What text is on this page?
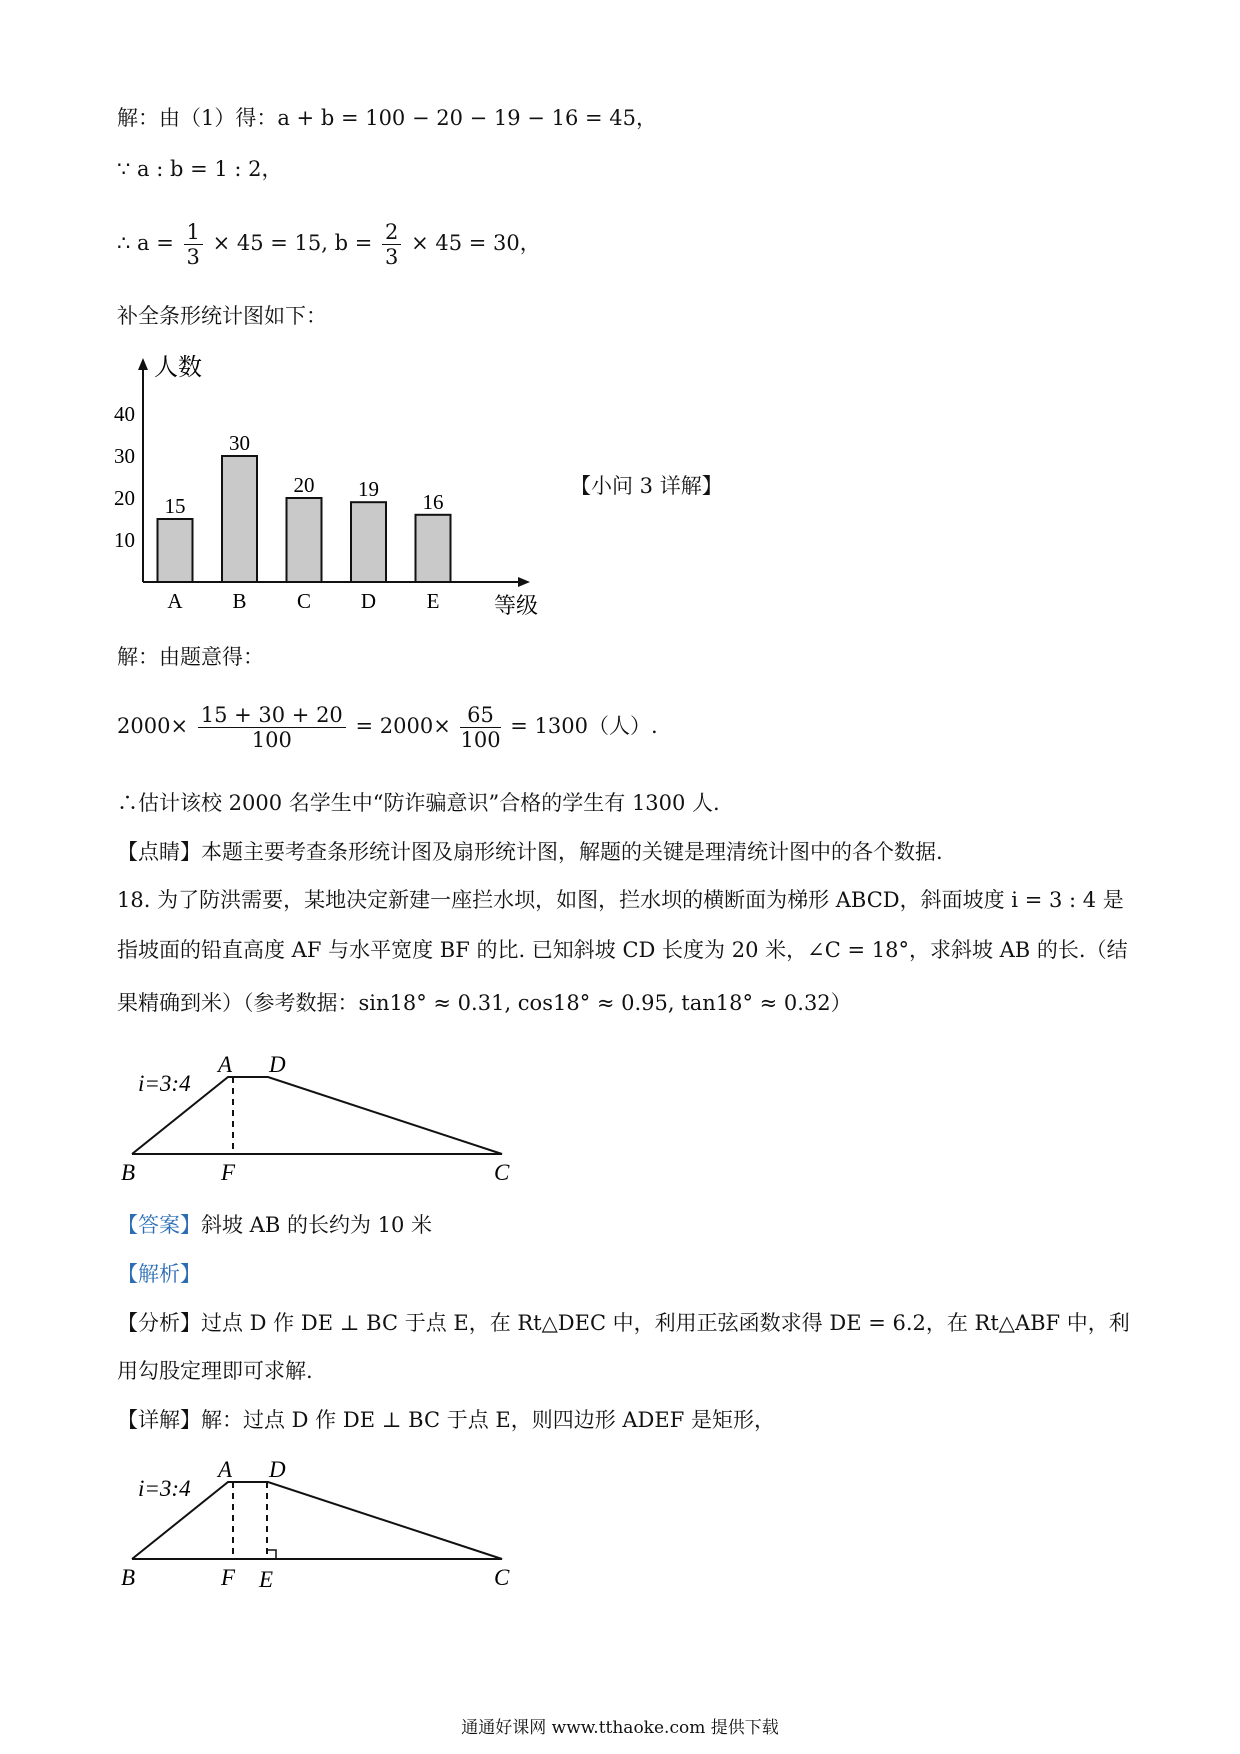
解：由（1）得：a + b = 100 − 20 − 19 − 16 = 45，
∵ a : b = 1 : 2，
∴ $a = \frac{1}{3} \times 45 = 15$, $b = \frac{2}{3} \times 45 = 30$，
补全条形统计图如下：
人数
等级
10
20
30
40
15
A
30
B
20
C
19
D
16
E
【小问 3 详解】
解：由题意得：
$2000\times \frac{15 + 30 + 20}{100} = 2000\times \frac{65}{100} = 1300$（人）.
∴估计该校 2000 名学生中“防诈骗意识”合格的学生有 1300 人.
【点睛】本题主要考查条形统计图及扇形统计图，解题的关键是理清统计图中的各个数据.
18. 为了防洪需要，某地决定新建一座拦水坝，如图，拦水坝的横断面为梯形 ABCD，斜面坡度 i = 3 : 4 是
指坡面的铅直高度 AF 与水平宽度 BF 的比. 已知斜坡 CD 长度为 20 米，∠C = 18°，求斜坡 AB 的长.（结
果精确到米）（参考数据：sin18° ≈ 0.31, cos18° ≈ 0.95, tan18° ≈ 0.32）
i=3:4
A D
B	F	C
【答案】斜坡 AB 的长约为 10 米
【解析】
【分析】过点 D 作 DE ⊥ BC 于点 E，在 Rt△DEC 中，利用正弦函数求得 DE = 6.2，在 Rt△ABF 中，利
用勾股定理即可求解.
【详解】解：过点 D 作 DE ⊥ BC 于点 E，则四边形 ADEF 是矩形，
i=3:4
A D
B	F E	C
通通好课网 www.tthaoke.com 提供下载
